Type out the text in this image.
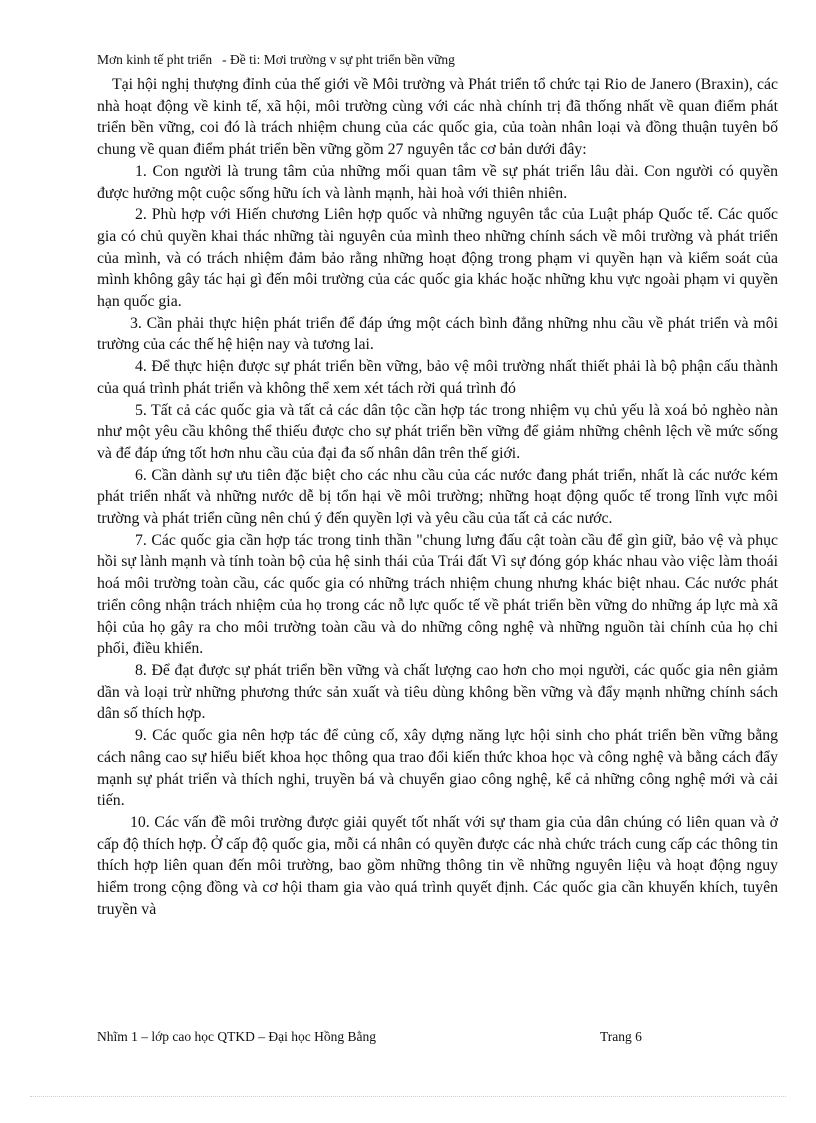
Mơn kinh tế pht triển - Đề ti: Mơi trường v sự pht triển bền vững

Tại hội nghị thượng đỉnh của thế giới về Môi trường và Phát triển tổ chức tại Rio de Janero (Braxin), các nhà hoạt động về kinh tế, xã hội, môi trường cùng với các nhà chính trị đã thống nhất về quan điểm phát triển bền vững, coi đó là trách nhiệm chung của các quốc gia, của toàn nhân loại và đồng thuận tuyên bố chung về quan điểm phát triển bền vững gồm 27 nguyên tắc cơ bản dưới đây:

1. Con người là trung tâm của những mối quan tâm về sự phát triển lâu dài. Con người có quyền được hưởng một cuộc sống hữu ích và lành mạnh, hài hoà với thiên nhiên.

2. Phù hợp với Hiến chương Liên hợp quốc và những nguyên tắc của Luật pháp Quốc tế. Các quốc gia có chủ quyền khai thác những tài nguyên của mình theo những chính sách về môi trường và phát triển của mình, và có trách nhiệm đảm bảo rằng những hoạt động trong phạm vi quyền hạn và kiểm soát của mình không gây tác hại gì đến môi trường của các quốc gia khác hoặc những khu vực ngoài phạm vi quyền hạn quốc gia.

3. Cần phải thực hiện phát triển để đáp ứng một cách bình đẳng những nhu cầu về phát triển và môi trường của các thế hệ hiện nay và tương lai.

4. Để thực hiện được sự phát triển bền vững, bảo vệ môi trường nhất thiết phải là bộ phận cấu thành của quá trình phát triển và không thể xem xét tách rời quá trình đó

5. Tất cả các quốc gia và tất cả các dân tộc cần hợp tác trong nhiệm vụ chủ yếu là xoá bỏ nghèo nàn như một yêu cầu không thể thiếu được cho sự phát triển bền vững để giảm những chênh lệch về mức sống và để đáp ứng tốt hơn nhu cầu của đại đa số nhân dân trên thế giới.

6. Cần dành sự ưu tiên đặc biệt cho các nhu cầu của các nước đang phát triển, nhất là các nước kém phát triển nhất và những nước dễ bị tổn hại về môi trường; những hoạt động quốc tế trong lĩnh vực môi trường và phát triển cũng nên chú ý đến quyền lợi và yêu cầu của tất cả các nước.

7. Các quốc gia cần hợp tác trong tinh thần "chung lưng đấu cật toàn cầu để gìn giữ, bảo vệ và phục hồi sự lành mạnh và tính toàn bộ của hệ sinh thái của Trái đất Vì sự đóng góp khác nhau vào việc làm thoái hoá môi trường toàn cầu, các quốc gia có những trách nhiệm chung nhưng khác biệt nhau. Các nước phát triển công nhận trách nhiệm của họ trong các nỗ lực quốc tế về phát triển bền vững do những áp lực mà xã hội của họ gây ra cho môi trường toàn cầu và do những công nghệ và những nguồn tài chính của họ chi phối, điều khiển.

8. Để đạt được sự phát triển bền vững và chất lượng cao hơn cho mọi người, các quốc gia nên giảm dần và loại trừ những phương thức sản xuất và tiêu dùng không bền vững và đẩy mạnh những chính sách dân số thích hợp.

9. Các quốc gia nên hợp tác để củng cố, xây dựng năng lực hội sinh cho phát triển bền vững bằng cách nâng cao sự hiểu biết khoa học thông qua trao đổi kiến thức khoa học và công nghệ và bằng cách đẩy mạnh sự phát triển và thích nghi, truyền bá và chuyển giao công nghệ, kể cả những công nghệ mới và cải tiến.

10. Các vấn đề môi trường được giải quyết tốt nhất với sự tham gia của dân chúng có liên quan và ở cấp độ thích hợp. Ở cấp độ quốc gia, mỗi cá nhân có quyền được các nhà chức trách cung cấp các thông tin thích hợp liên quan đến môi trường, bao gồm những thông tin về những nguyên liệu và hoạt động nguy hiểm trong cộng đồng và cơ hội tham gia vào quá trình quyết định. Các quốc gia cần khuyến khích, tuyên truyền và

Nhĩm 1 – lớp cao học QTKD – Đại học Hồng Bằng	Trang 6
